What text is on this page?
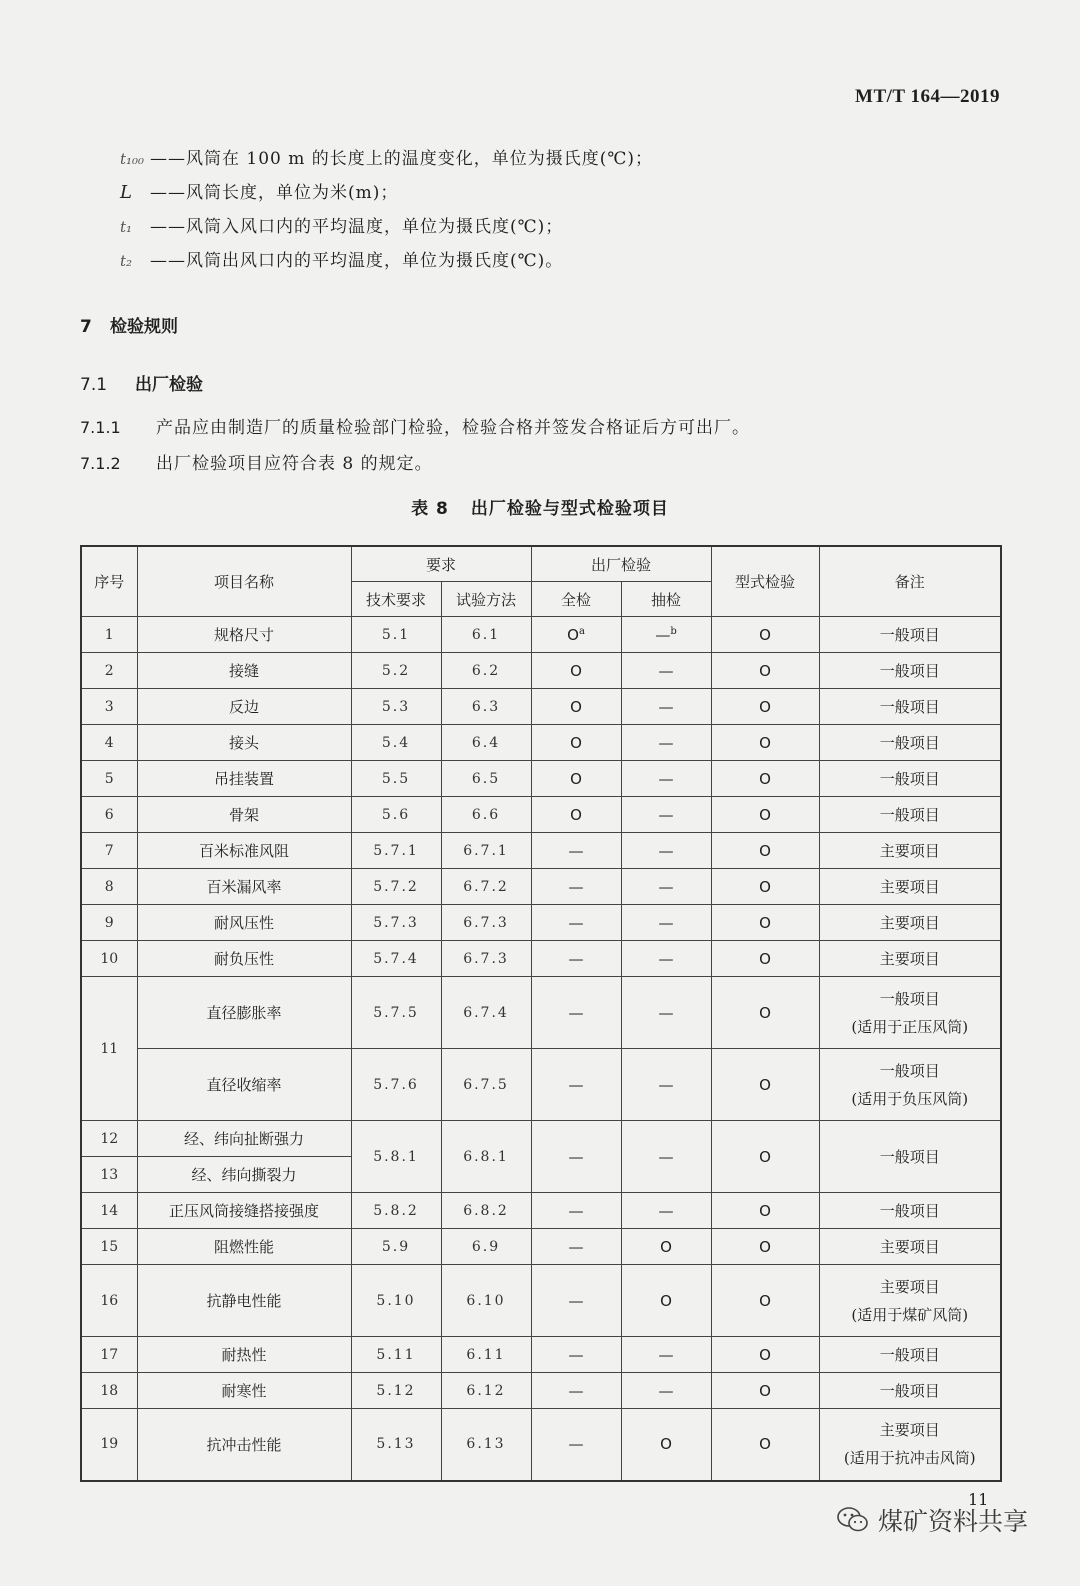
MT/T 164—2019
t₁₀₀ ——风筒在 100 m 的长度上的温度变化，单位为摄氏度(℃)；
L	——风筒长度，单位为米(m)；
t₁	——风筒入风口内的平均温度，单位为摄氏度(℃)；
t₂	——风筒出风口内的平均温度，单位为摄氏度(℃)。
7 检验规则
7.1 出厂检验
7.1.1 产品应由制造厂的质量检验部门检验，检验合格并签发合格证后方可出厂。
7.1.2 出厂检验项目应符合表 8 的规定。
表 8 出厂检验与型式检验项目
序号	项目名称	要求		出厂检验		型式检验	备注
		技术要求	试验方法	全检	抽检		
1	规格尺寸	5.1	6.1	$O^a$	—$^b$	O	一般项目
2	接缝	5.2	6.2	O	—	O	一般项目
3	反边	5.3	6.3	O	—	O	一般项目
4	接头	5.4	6.4	O	—	O	一般项目
5	吊挂装置	5.5	6.5	O	—	O	一般项目
6	骨架	5.6	6.6	O	—	O	一般项目
7	百米标准风阻	5.7.1	6.7.1	—	—	O	主要项目
8	百米漏风率	5.7.2	6.7.2	—	—	O	主要项目
9	耐风压性	5.7.3	6.7.3	—	—	O	主要项目
10	耐负压性	5.7.4	6.7.3	—	—	O	主要项目
11	直径膨胀率	5.7.5	6.7.4	—	—	O	一般项目
(适用于正压风筒)

	直径收缩率	5.7.6	6.7.5	—	—	O	一般项目
(适用于负压风筒)

12	经、纬向扯断强力	5.8.1	6.8.1	—	—	O	一般项目
13	经、纬向撕裂力						
14	正压风筒接缝搭接强度	5.8.2	6.8.2	—	—	O	一般项目
15	阻燃性能	5.9	6.9	—	O	O	主要项目
16	抗静电性能	5.10	6.10	—	O	O	主要项目
(适用于煤矿风筒)

17	耐热性	5.11	6.11	—	—	O	一般项目
18	耐寒性	5.12	6.12	—	—	O	一般项目
19	抗冲击性能	5.13	6.13	—	O	O	主要项目
(适用于抗冲击风筒)
11
煤矿资料共享
